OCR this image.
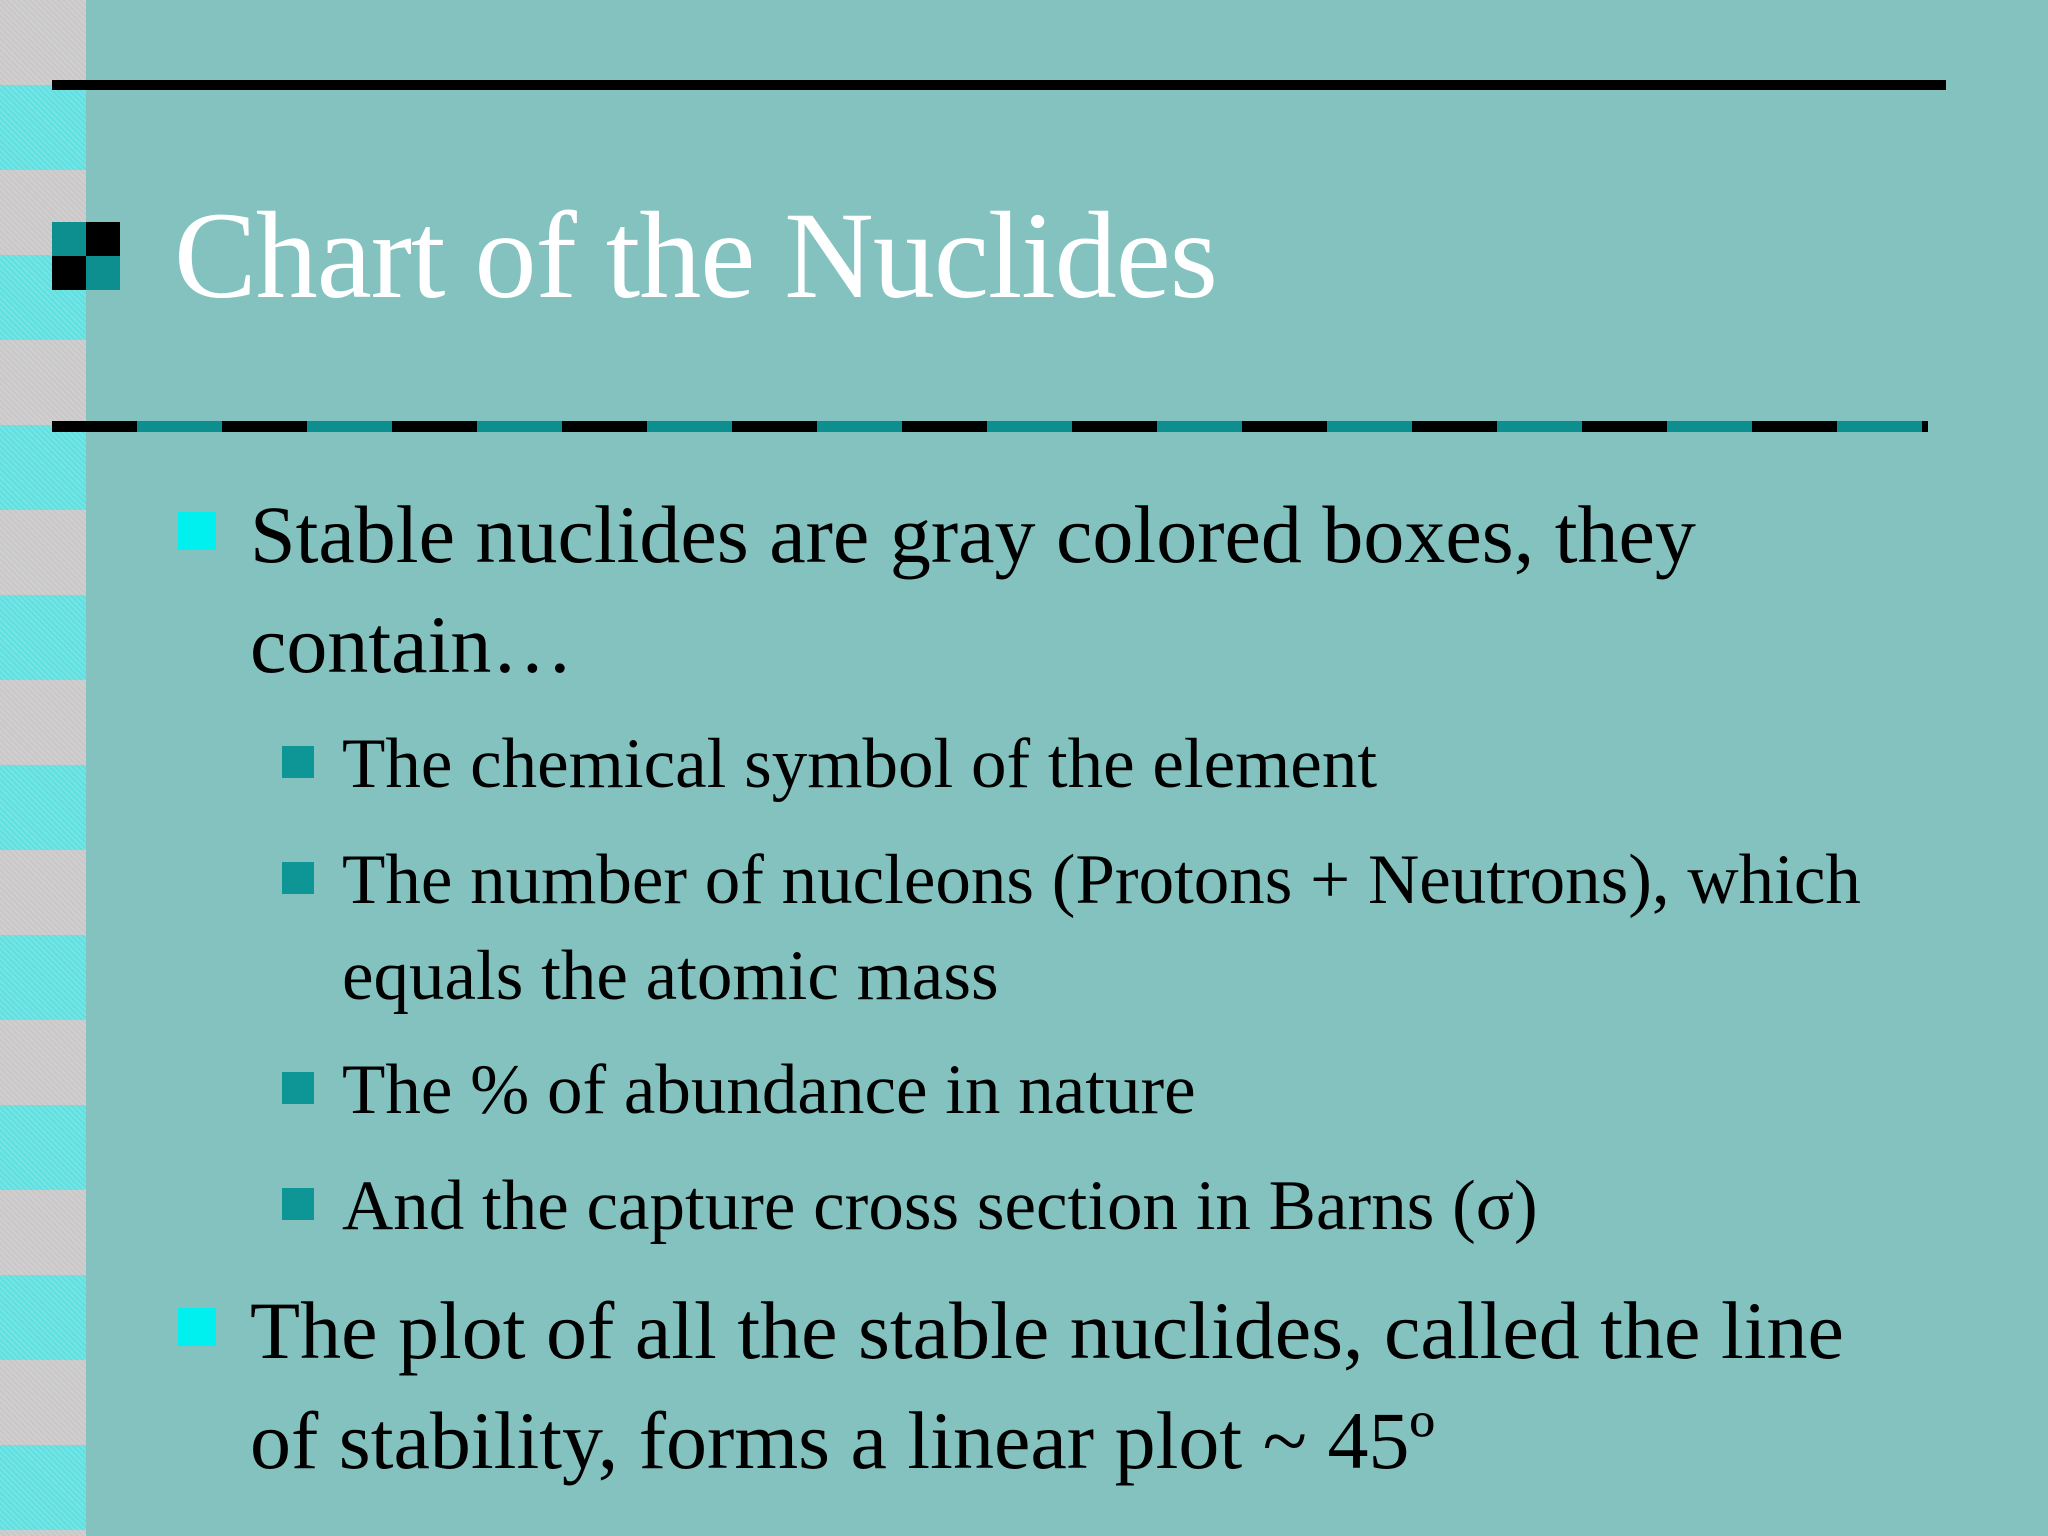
Chart of the Nuclides
Stable nuclides are gray colored boxes, they contain…
The chemical symbol of the element
The number of nucleons (Protons + Neutrons), which equals the atomic mass
The % of abundance in nature
And the capture cross section in Barns (σ)
The plot of all the stable nuclides, called the line of stability, forms a linear plot ~ 45º
